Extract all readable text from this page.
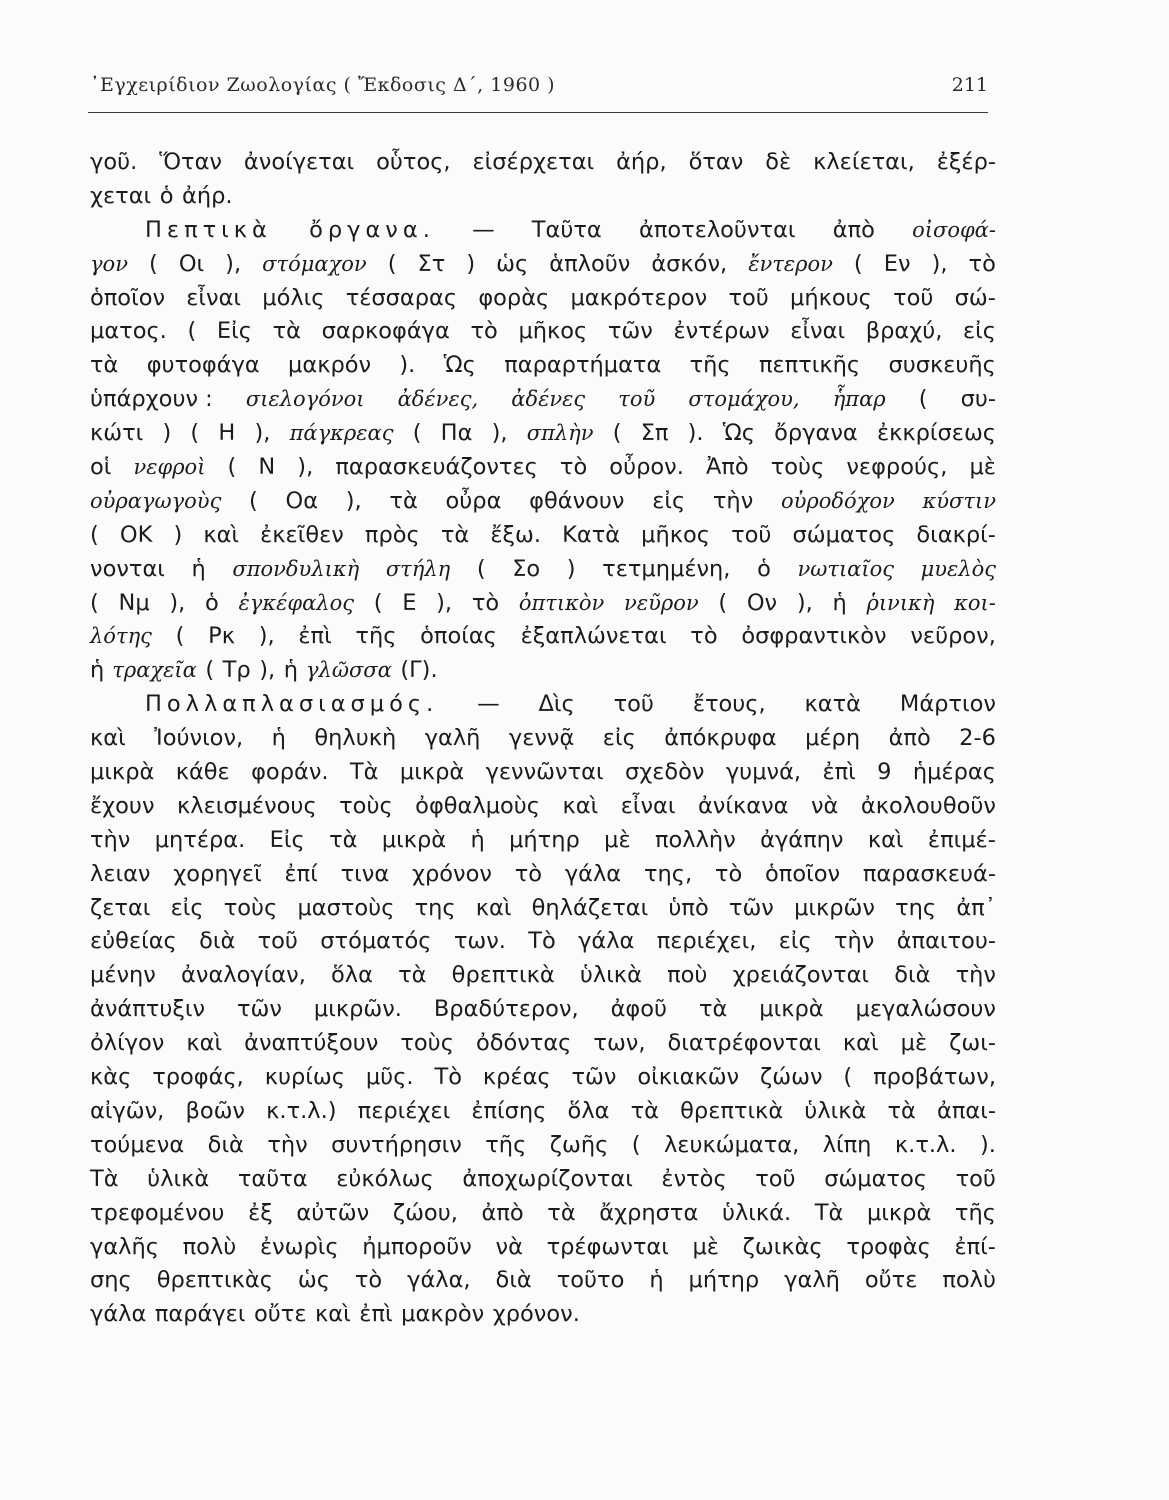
᾿Εγχειρίδιον Ζωολογίας ( Ἔκδοσις Δ΄, 1960 )	211
γοῦ. Ὅταν ἀνοίγεται οὗτος, εἰσέρχεται ἀήρ, ὅταν δὲ κλείεται, ἐξέρ-
χεται ὁ ἀήρ.
Πεπτικὰ ὄργανα. — Ταῦτα ἀποτελοῦνται ἀπὸ οἰσοφά-
γον ( Οι ), στόμαχον ( Στ ) ὡς ἁπλοῦν ἀσκόν, ἔντερον ( Εν ), τὸ
ὁποῖον εἶναι μόλις τέσσαρας φορὰς μακρότερον τοῦ μήκους τοῦ σώ-
ματος. ( Εἰς τὰ σαρκοφάγα τὸ μῆκος τῶν ἐντέρων εἶναι βραχύ, εἰς
τὰ φυτοφάγα μακρόν ). Ὡς παραρτήματα τῆς πεπτικῆς συσκευῆς
ὑπάρχουν : σιελογόνοι ἀδένες, ἀδένες τοῦ στομάχου, ἧπαρ ( συ-
κώτι ) ( Η ), πάγκρεας ( Πα ), σπλὴν ( Σπ ). Ὡς ὄργανα ἐκκρίσεως
οἱ νεφροὶ ( Ν ), παρασκευάζοντες τὸ οὖρον. Ἀπὸ τοὺς νεφρούς, μὲ
οὐραγωγοὺς ( Οα ), τὰ οὖρα φθάνουν εἰς τὴν οὐροδόχον κύστιν
( ΟΚ ) καὶ ἐκεῖθεν πρὸς τὰ ἔξω. Κατὰ μῆκος τοῦ σώματος διακρί-
νονται ἡ σπονδυλικὴ στήλη ( Σο ) τετμημένη, ὁ νωτιαῖος μυελὸς
( Νμ ), ὁ ἐγκέφαλος ( Ε ), τὸ ὀπτικὸν νεῦρον ( Ον ), ἡ ῥινικὴ κοι-
λότης ( Ρκ ), ἐπὶ τῆς ὁποίας ἐξαπλώνεται τὸ ὀσφραντικὸν νεῦρον,
ἡ τραχεῖα ( Τρ ), ἡ γλῶσσα (Γ).
Πολλαπλασιασμός. — Δὶς τοῦ ἔτους, κατὰ Μάρτιον
καὶ Ἰούνιον, ἡ θηλυκὴ γαλῆ γεννᾷ εἰς ἀπόκρυφα μέρη ἀπὸ 2-6
μικρὰ κάθε φοράν. Τὰ μικρὰ γεννῶνται σχεδὸν γυμνά, ἐπὶ 9 ἡμέρας
ἔχουν κλεισμένους τοὺς ὀφθαλμοὺς καὶ εἶναι ἀνίκανα νὰ ἀκολουθοῦν
τὴν μητέρα. Εἰς τὰ μικρὰ ἡ μήτηρ μὲ πολλὴν ἀγάπην καὶ ἐπιμέ-
λειαν χορηγεῖ ἐπί τινα χρόνον τὸ γάλα της, τὸ ὁποῖον παρασκευά-
ζεται εἰς τοὺς μαστοὺς της καὶ θηλάζεται ὑπὸ τῶν μικρῶν της ἀπ᾿
εὐθείας διὰ τοῦ στόματός των. Τὸ γάλα περιέχει, εἰς τὴν ἀπαιτου-
μένην ἀναλογίαν, ὅλα τὰ θρεπτικὰ ὑλικὰ ποὺ χρειάζονται διὰ τὴν
ἀνάπτυξιν τῶν μικρῶν. Βραδύτερον, ἀφοῦ τὰ μικρὰ μεγαλώσουν
ὀλίγον καὶ ἀναπτύξουν τοὺς ὀδόντας των, διατρέφονται καὶ μὲ ζωι-
κὰς τροφάς, κυρίως μῦς. Τὸ κρέας τῶν οἰκιακῶν ζώων ( προβάτων,
αἰγῶν, βοῶν κ.τ.λ.) περιέχει ἐπίσης ὅλα τὰ θρεπτικὰ ὑλικὰ τὰ ἀπαι-
τούμενα διὰ τὴν συντήρησιν τῆς ζωῆς ( λευκώματα, λίπη κ.τ.λ. ).
Τὰ ὑλικὰ ταῦτα εὐκόλως ἀποχωρίζονται ἐντὸς τοῦ σώματος τοῦ
τρεφομένου ἐξ αὐτῶν ζώου, ἀπὸ τὰ ἄχρηστα ὑλικά. Τὰ μικρὰ τῆς
γαλῆς πολὺ ἐνωρὶς ἠμποροῦν νὰ τρέφωνται μὲ ζωικὰς τροφὰς ἐπί-
σης θρεπτικὰς ὡς τὸ γάλα, διὰ τοῦτο ἡ μήτηρ γαλῆ οὔτε πολὺ
γάλα παράγει οὔτε καὶ ἐπὶ μακρὸν χρόνον.
